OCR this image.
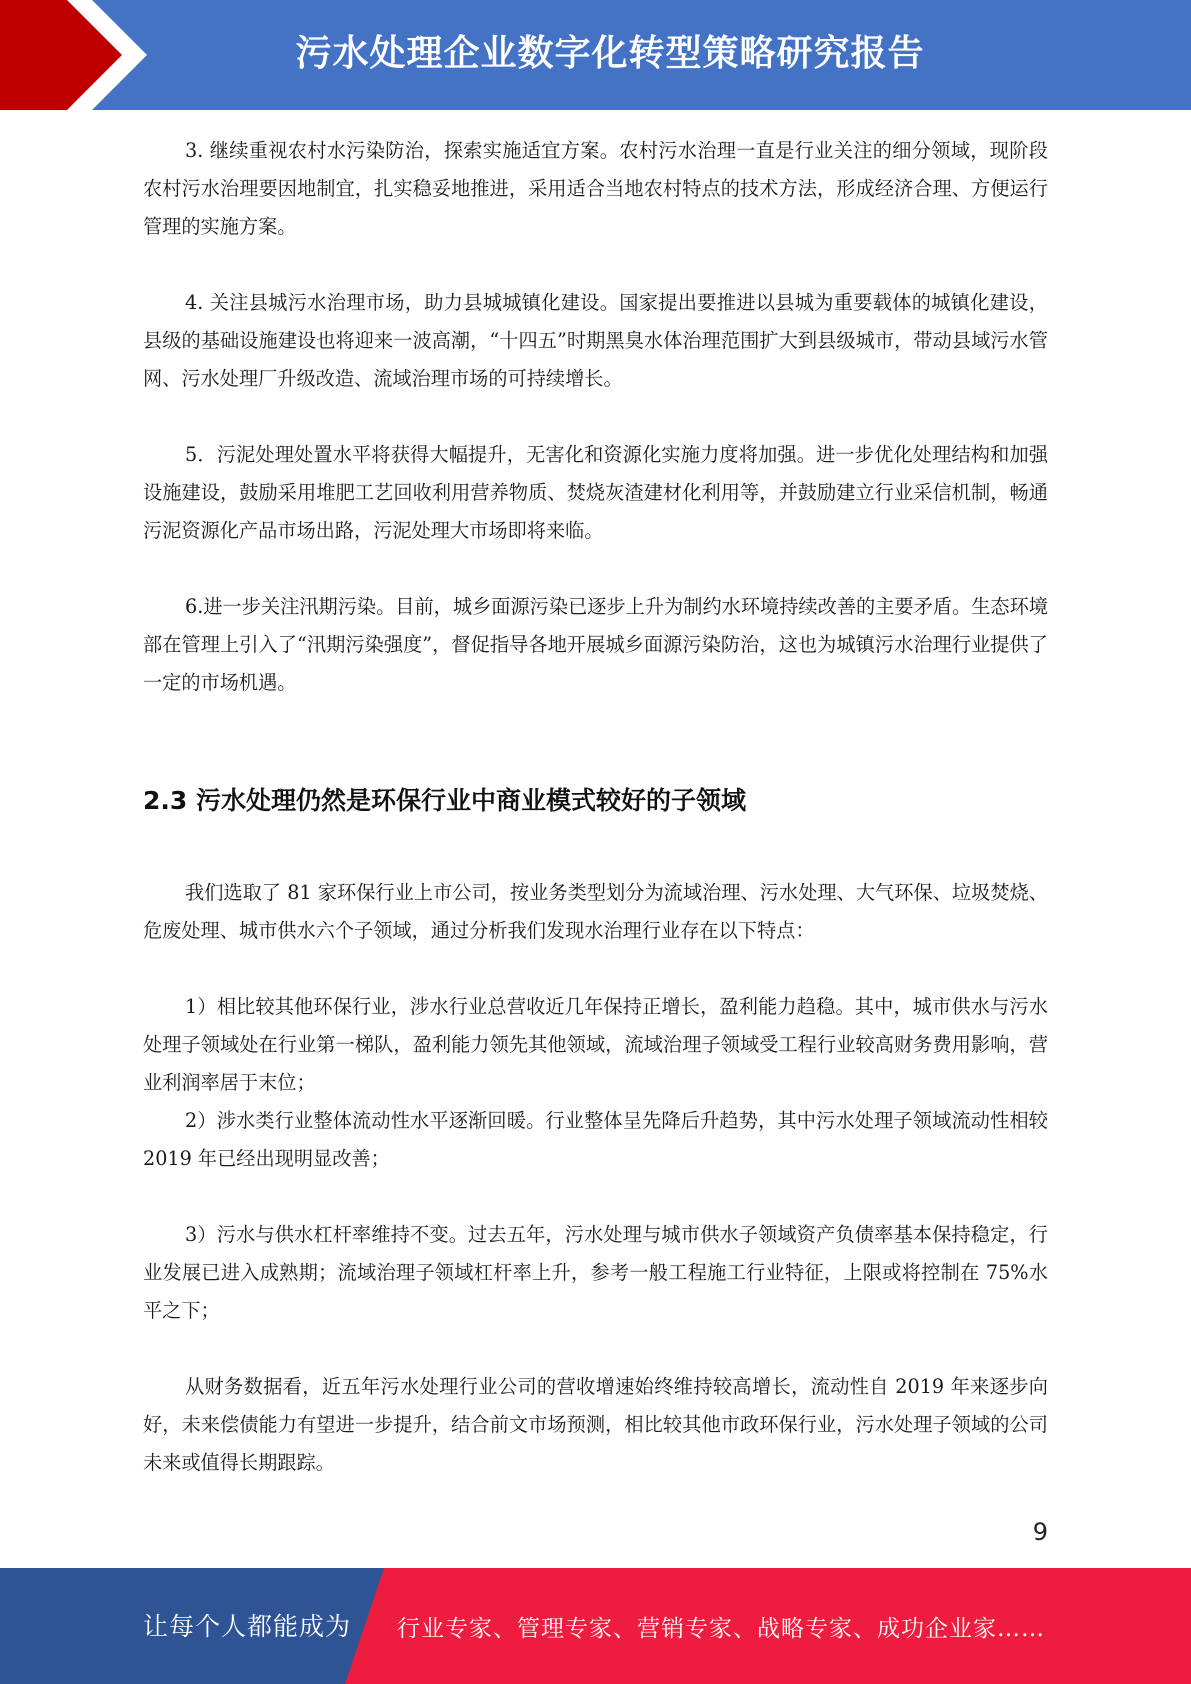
污水处理企业数字化转型策略研究报告

3. 继续重视农村水污染防治，探索实施适宜方案。农村污水治理一直是行业关注的细分领域，现阶段农村污水治理要因地制宜，扎实稳妥地推进，采用适合当地农村特点的技术方法，形成经济合理、方便运行管理的实施方案。

4. 关注县城污水治理市场，助力县城城镇化建设。国家提出要推进以县城为重要载体的城镇化建设，县级的基础设施建设也将迎来一波高潮，“十四五”时期黑臭水体治理范围扩大到县级城市，带动县域污水管网、污水处理厂升级改造、流域治理市场的可持续增长。

5．污泥处理处置水平将获得大幅提升，无害化和资源化实施力度将加强。进一步优化处理结构和加强设施建设，鼓励采用堆肥工艺回收利用营养物质、焚烧灰渣建材化利用等，并鼓励建立行业采信机制，畅通污泥资源化产品市场出路，污泥处理大市场即将来临。

6.进一步关注汛期污染。目前，城乡面源污染已逐步上升为制约水环境持续改善的主要矛盾。生态环境部在管理上引入了“汛期污染强度”，督促指导各地开展城乡面源污染防治，这也为城镇污水治理行业提供了一定的市场机遇。

2.3 污水处理仍然是环保行业中商业模式较好的子领域

我们选取了 81 家环保行业上市公司，按业务类型划分为流域治理、污水处理、大气环保、垃圾焚烧、危废处理、城市供水六个子领域，通过分析我们发现水治理行业存在以下特点：

1）相比较其他环保行业，涉水行业总营收近几年保持正增长，盈利能力趋稳。其中，城市供水与污水处理子领域处在行业第一梯队，盈利能力领先其他领域，流域治理子领域受工程行业较高财务费用影响，营业利润率居于末位；

2）涉水类行业整体流动性水平逐渐回暖。行业整体呈先降后升趋势，其中污水处理子领域流动性相较 2019 年已经出现明显改善；

3）污水与供水杠杆率维持不变。过去五年，污水处理与城市供水子领域资产负债率基本保持稳定，行业发展已进入成熟期；流域治理子领域杠杆率上升，参考一般工程施工行业特征，上限或将控制在 75%水平之下；

从财务数据看，近五年污水处理行业公司的营收增速始终维持较高增长，流动性自 2019 年来逐步向好，未来偿债能力有望进一步提升，结合前文市场预测，相比较其他市政环保行业，污水处理子领域的公司未来或值得长期跟踪。

9
让每个人都能成为 行业专家、管理专家、营销专家、战略专家、成功企业家……
